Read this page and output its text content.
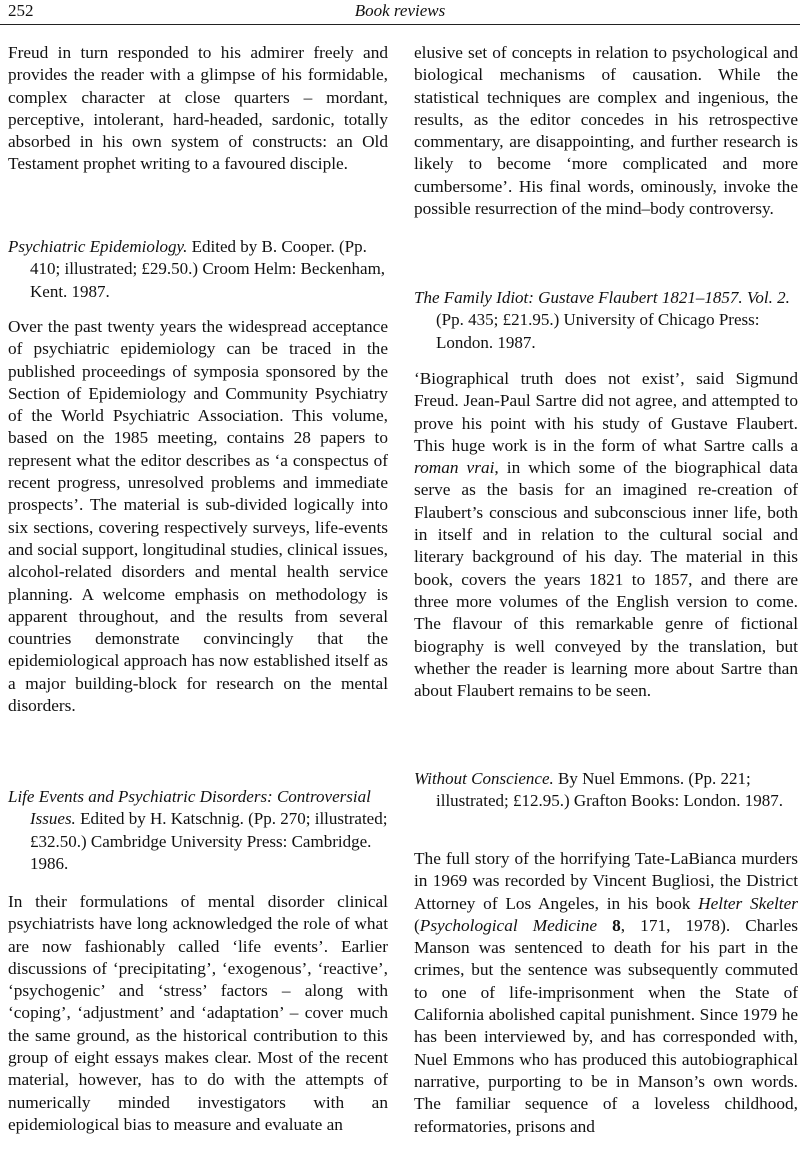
252	Book reviews

Freud in turn responded to his admirer freely and provides the reader with a glimpse of his formidable, complex character at close quarters – mordant, perceptive, intolerant, hard-headed, sardonic, totally absorbed in his own system of constructs: an Old Testament prophet writing to a favoured disciple.

Psychiatric Epidemiology. Edited by B. Cooper. (Pp. 410; illustrated; £29.50.) Croom Helm: Beckenham, Kent. 1987.

Over the past twenty years the widespread acceptance of psychiatric epidemiology can be traced in the published proceedings of symposia sponsored by the Section of Epidemiology and Community Psychiatry of the World Psychiatric Association. This volume, based on the 1985 meeting, contains 28 papers to represent what the editor describes as ‘a conspectus of recent progress, unresolved problems and immediate prospects’. The material is sub-divided logically into six sections, covering respectively surveys, life-events and social support, longitudinal studies, clinical issues, alcohol-related disorders and mental health service planning. A welcome emphasis on methodology is apparent throughout, and the results from several countries demonstrate convincingly that the epidemiological approach has now established itself as a major building-block for research on the mental disorders.

Life Events and Psychiatric Disorders: Controversial Issues. Edited by H. Katschnig. (Pp. 270; illustrated; £32.50.) Cambridge University Press: Cambridge. 1986.

In their formulations of mental disorder clinical psychiatrists have long acknowledged the role of what are now fashionably called ‘life events’. Earlier discussions of ‘precipitating’, ‘exogenous’, ‘reactive’, ‘psychogenic’ and ‘stress’ factors – along with ‘coping’, ‘adjustment’ and ‘adaptation’ – cover much the same ground, as the historical contribution to this group of eight essays makes clear. Most of the recent material, however, has to do with the attempts of numerically minded investigators with an epidemiological bias to measure and evaluate an

elusive set of concepts in relation to psychological and biological mechanisms of causation. While the statistical techniques are complex and ingenious, the results, as the editor concedes in his retrospective commentary, are disappointing, and further research is likely to become ‘more complicated and more cumbersome’. His final words, ominously, invoke the possible resurrection of the mind–body controversy.

The Family Idiot: Gustave Flaubert 1821–1857. Vol. 2. (Pp. 435; £21.95.) University of Chicago Press: London. 1987.

‘Biographical truth does not exist’, said Sigmund Freud. Jean-Paul Sartre did not agree, and attempted to prove his point with his study of Gustave Flaubert. This huge work is in the form of what Sartre calls a roman vrai, in which some of the biographical data serve as the basis for an imagined re-creation of Flaubert’s conscious and subconscious inner life, both in itself and in relation to the cultural social and literary background of his day. The material in this book, covers the years 1821 to 1857, and there are three more volumes of the English version to come. The flavour of this remarkable genre of fictional biography is well conveyed by the translation, but whether the reader is learning more about Sartre than about Flaubert remains to be seen.

Without Conscience. By Nuel Emmons. (Pp. 221; illustrated; £12.95.) Grafton Books: London. 1987.

The full story of the horrifying Tate-LaBianca murders in 1969 was recorded by Vincent Bugliosi, the District Attorney of Los Angeles, in his book Helter Skelter (Psychological Medicine 8, 171, 1978). Charles Manson was sentenced to death for his part in the crimes, but the sentence was subsequently commuted to one of life-imprisonment when the State of California abolished capital punishment. Since 1979 he has been interviewed by, and has corresponded with, Nuel Emmons who has produced this autobiographical narrative, purporting to be in Manson’s own words. The familiar sequence of a loveless childhood, reformatories, prisons and
